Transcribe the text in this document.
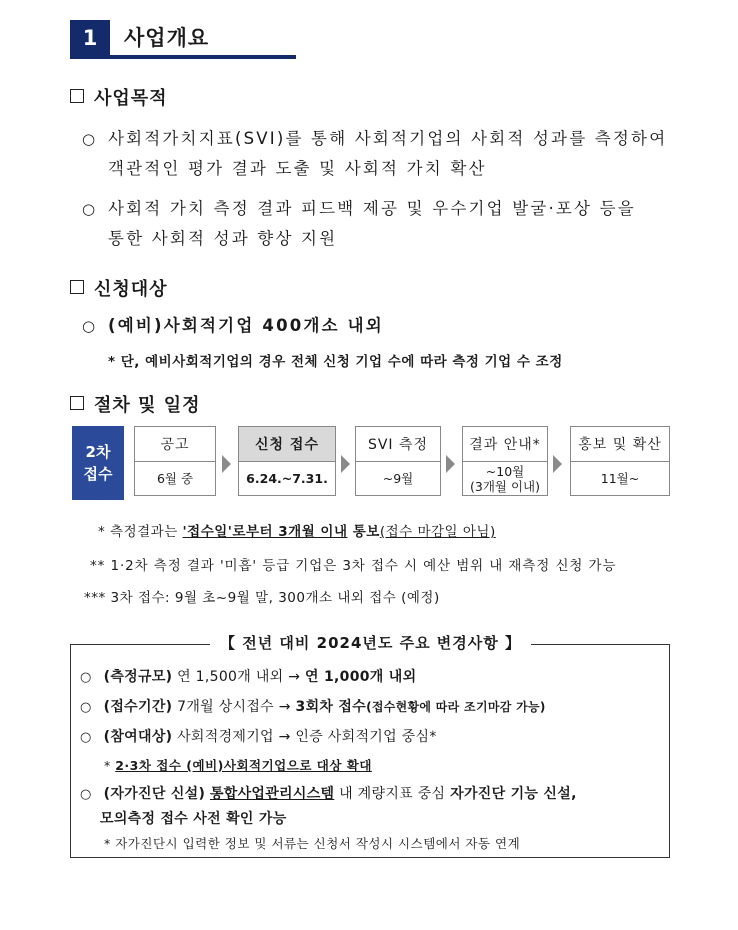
1	사업개요
사업목적
○ 사회적가치지표(SVI)를 통해 사회적기업의 사회적 성과를 측정하여
객관적인 평가 결과 도출 및 사회적 가치 확산
○ 사회적 가치 측정 결과 피드백 제공 및 우수기업 발굴·포상 등을
통한 사회적 성과 향상 지원
신청대상
○ (예비)사회적기업 400개소 내외
* 단, 예비사회적기업의 경우 전체 신청 기업 수에 따라 측정 기업 수 조정
절차 및 일정
2차
접수
공고
6월 중
신청 접수
6.24.~7.31.
SVI 측정
~9월
결과 안내*
~10월
(3개월 이내)
홍보 및 확산
11월~
* 측정결과는 '접수일'로부터 3개월 이내 통보(접수 마감일 아님)
** 1·2차 측정 결과 '미흡' 등급 기업은 3차 접수 시 예산 범위 내 재측정 신청 가능
*** 3차 접수: 9월 초~9월 말, 300개소 내외 접수 (예정)
【 전년 대비 2024년도 주요 변경사항 】
○ (측정규모) 연 1,500개 내외 → 연 1,000개 내외
○ (접수기간) 7개월 상시접수 → 3회차 접수(접수현황에 따라 조기마감 가능)
○ (참여대상) 사회적경제기업 → 인증 사회적기업 중심*
* 2·3차 접수 (예비)사회적기업으로 대상 확대
○ (자가진단 신설) 통합사업관리시스템 내 계량지표 중심 자가진단 기능 신설,
모의측정 접수 사전 확인 가능
* 자가진단시 입력한 정보 및 서류는 신청서 작성시 시스템에서 자동 연계
